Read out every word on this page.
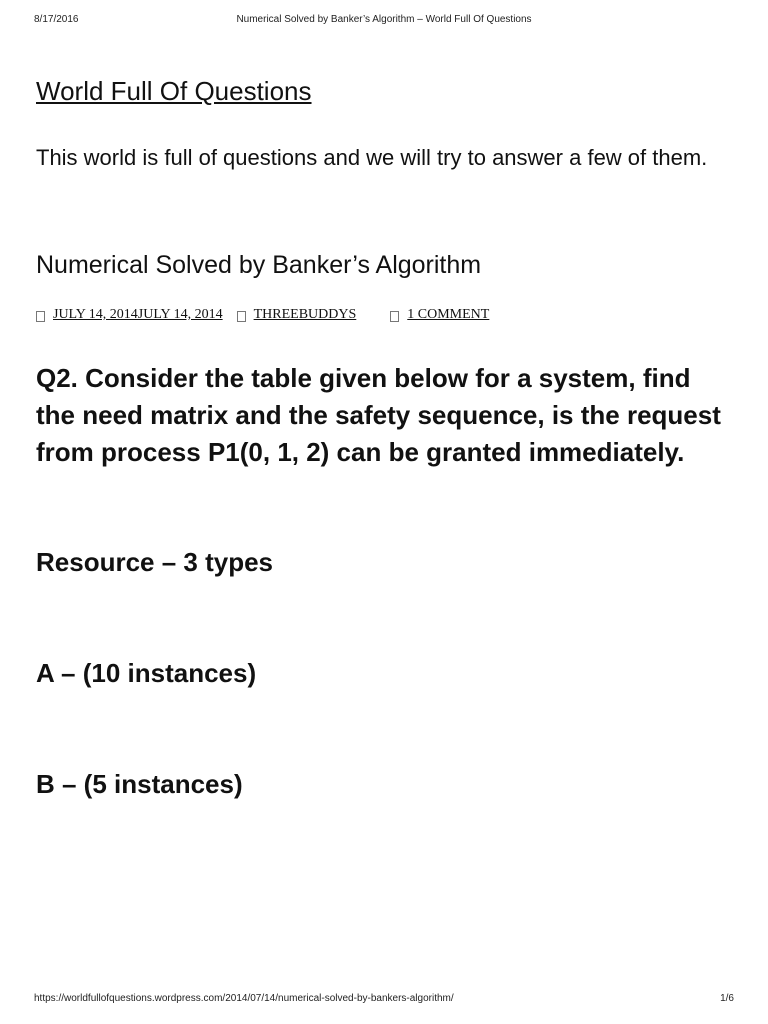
8/17/2016	Numerical Solved by Banker’s Algorithm – World Full Of Questions
World Full Of Questions

This world is full of questions and we will try to answer a few of them.

Numerical Solved by Banker’s Algorithm
JULY 14, 2014JULY 14, 2014 THREEBUDDYS	1 COMMENT
Q2. Consider the table given below for a system, find the need matrix and the safety sequence, is the request from process P1(0, 1, 2) can be granted immediately.
Resource – 3 types
A – (10 instances)
B – (5 instances)
https://worldfullofquestions.wordpress.com/2014/07/14/numerical-solved-by-bankers-algorithm/	1/6
